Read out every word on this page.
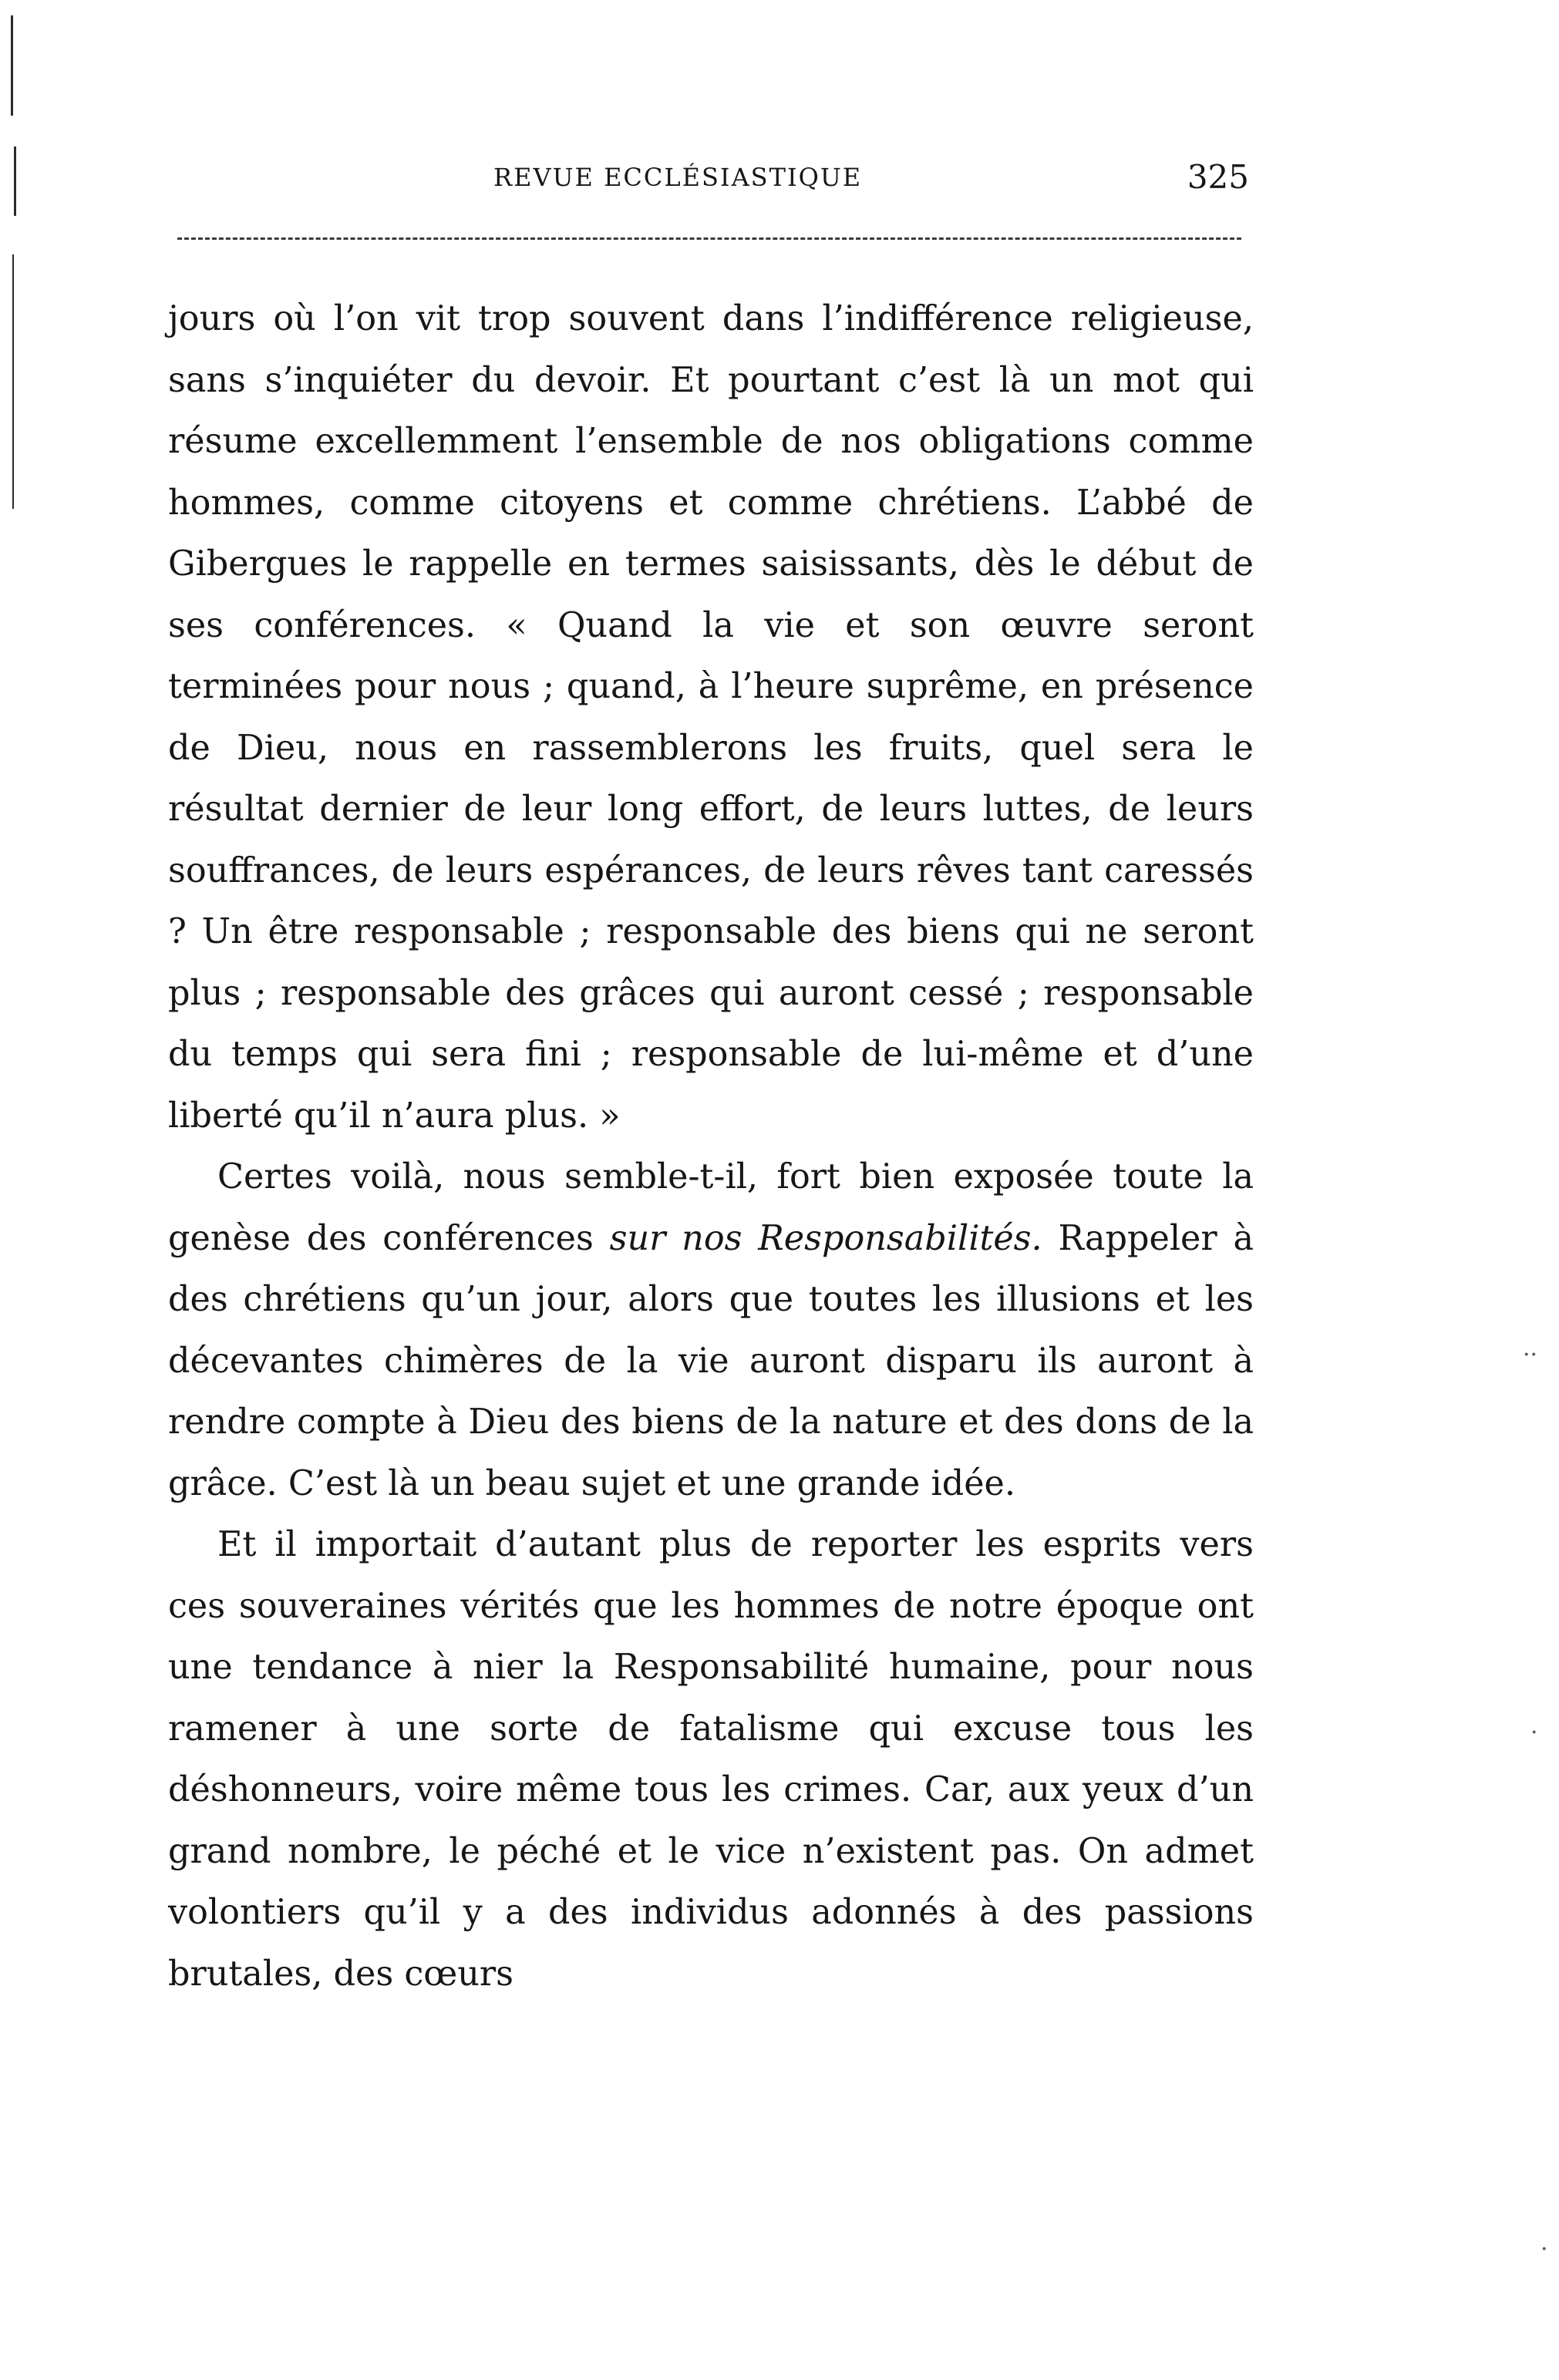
REVUE ECCLÉSIASTIQUE	325

jours où l’on vit trop souvent dans l’indifférence religieuse, sans s’inquiéter du devoir. Et pourtant c’est là un mot qui résume excellemment l’ensemble de nos obligations comme hommes, comme citoyens et comme chrétiens. L’abbé de Gibergues le rappelle en termes saisissants, dès le début de ses conférences. « Quand la vie et son œuvre seront terminées pour nous ; quand, à l’heure suprême, en présence de Dieu, nous en rassemblerons les fruits, quel sera le résultat dernier de leur long effort, de leurs luttes, de leurs souffrances, de leurs espérances, de leurs rêves tant caressés ? Un être responsable ; responsable des biens qui ne seront plus ; responsable des grâces qui auront cessé ; responsable du temps qui sera fini ; responsable de lui-même et d’une liberté qu’il n’aura plus. »

Certes voilà, nous semble-t-il, fort bien exposée toute la genèse des conférences sur nos Responsabilités. Rappeler à des chrétiens qu’un jour, alors que toutes les illusions et les décevantes chimères de la vie auront disparu ils auront à rendre compte à Dieu des biens de la nature et des dons de la grâce. C’est là un beau sujet et une grande idée.

Et il importait d’autant plus de reporter les esprits vers ces souveraines vérités que les hommes de notre époque ont une tendance à nier la Responsabilité humaine, pour nous ramener à une sorte de fatalisme qui excuse tous les déshonneurs, voire même tous les crimes. Car, aux yeux d’un grand nombre, le péché et le vice n’existent pas. On admet volontiers qu’il y a des individus adonnés à des passions brutales, des cœurs

··
·
·
